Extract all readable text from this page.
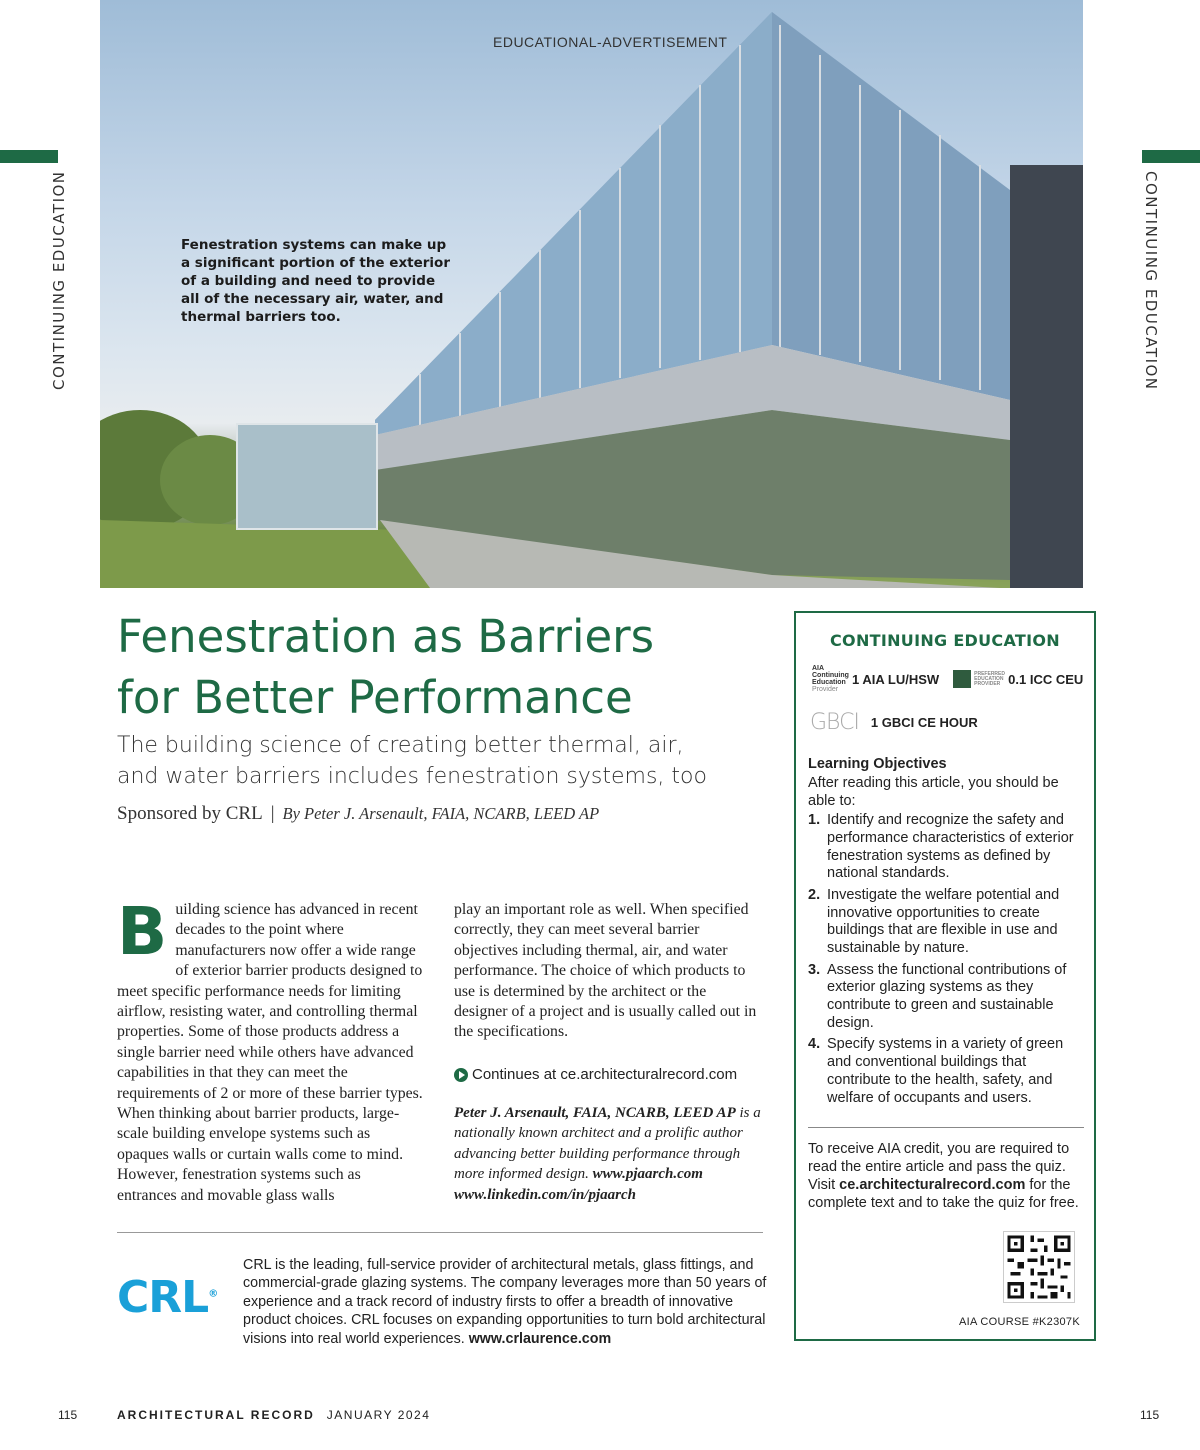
CONTINUING EDUCATION	CONTINUING EDUCATION
EDUCATIONAL-ADVERTISEMENT
Fenestration systems can make up a significant portion of the exterior of a building and need to provide all of the necessary air, water, and thermal barriers too.
Fenestration as Barriers
for Better Performance
The building science of creating better thermal, air,
and water barriers includes fenestration systems, too
Sponsored by CRL | By Peter J. Arsenault, FAIA, NCARB, LEED AP
Building science has advanced in recent decades to the point where manufacturers now offer a wide range of exterior barrier products designed to meet specific performance needs for limiting airflow, resisting water, and controlling thermal properties. Some of those products address a single barrier need while others have advanced capabilities in that they can meet the requirements of 2 or more of these barrier types. When thinking about barrier products, large-scale building envelope systems such as opaques walls or curtain walls come to mind. However, fenestration systems such as entrances and movable glass walls
play an important role as well. When specified correctly, they can meet several barrier objectives including thermal, air, and water performance. The choice of which products to use is determined by the architect or the designer of a project and is usually called out in the specifications.
Continues at ce.architecturalrecord.com
Peter J. Arsenault, FAIA, NCARB, LEED AP is a nationally known architect and a prolific author advancing better building performance through more informed design. www.pjaarch.com
www.linkedin.com/in/pjaarch
CRL®
CRL is the leading, full-service provider of architectural metals, glass fittings, and commercial-grade glazing systems. The company leverages more than 50 years of experience and a track record of industry firsts to offer a breadth of innovative product choices. CRL focuses on expanding opportunities to turn bold architectural visions into real world experiences. www.crlaurence.com
CONTINUING EDUCATION
AIA
Continuing
Education
Provider
1 AIA LU/HSW	PREFERRED
EDUCATION
PROVIDER 0.1 ICC CEU
GBCI 1 GBCI CE HOUR
Learning Objectives
After reading this article, you should be able to:
1. Identify and recognize the safety and performance characteristics of exterior fenestration systems as defined by national standards.
2. Investigate the welfare potential and innovative opportunities to create buildings that are flexible in use and sustainable by nature.
3. Assess the functional contributions of exterior glazing systems as they contribute to green and sustainable design.
4. Specify systems in a variety of green and conventional buildings that contribute to the health, safety, and welfare of occupants and users.
To receive AIA credit, you are required to read the entire article and pass the quiz. Visit ce.architecturalrecord.com for the complete text and to take the quiz for free.
AIA COURSE #K2307K
115	ARCHITECTURAL RECORD JANUARY 2024	115
